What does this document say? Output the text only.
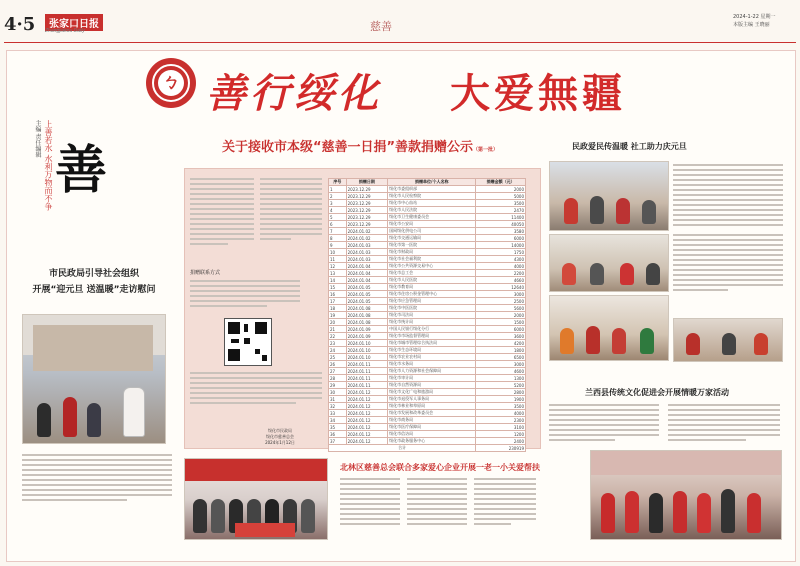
4·5	张家口日报
Zhangjiakou Daily	慈善
2024-1-22 星期一
本版主编 王晓丽
ㄅ 善行绥化 大爱無疆
上善若水 水利万物而不争
主编 责任编辑
善
市民政局引导社会组织
开展“迎元旦 送温暖”走访慰问
关于接收市本级“慈善一日捐”善款捐赠公示（第一批）
捐赠联系方式
绥化市民政局
绥化市慈善总会
2024年1月12日
序号	捐赠日期	捐赠单位/个人名称	捐赠金额（元）
1	2023.12.29	绥化市委组织部	2000
2	2023.12.29	绥化市人民检察院	5000
3	2023.12.29	绥化市中心血站	3500
4	2023.12.29	绥化市人民法院	2470
5	2023.12.29	绥化市卫生健康委员会	11400
6	2023.12.29	绥化市公安局	40050
7	2024.01.02	国网绥化供电公司	3580
8	2024.01.02	绥化市交通运输局	6000
9	2024.01.03	绥化市第一医院	14000
10	2024.01.03	绥化市财政局	1750
11	2024.01.03	绥化市社会福利院	4300
12	2024.01.04	绥化市公共资源交易中心	4000
13	2024.01.04	绥化市总工会	2200
14	2024.01.04	绥化市人民医院	4660
15	2024.01.05	绥化市教育局	12640
16	2024.01.05	绥化市住房公积金管理中心	3000
17	2024.01.05	绥化市应急管理局	2500
18	2024.01.08	绥化市中医医院	5600
19	2024.01.08	绥化市司法局	2000
20	2024.01.08	绥化市统计局	1500
21	2024.01.09	中国人民银行绥化分行	6000
22	2024.01.09	绥化市市场监督管理局	3600
23	2024.01.10	绥化市城市管理综合执法局	4200
24	2024.01.10	绥化市生态环境局	1800
25	2024.01.10	绥化市农业农村局	6500
26	2024.01.11	绥化市水务局	3000
27	2024.01.11	绥化市人力资源和社会保障局	4600
28	2024.01.11	绥化市审计局	1300
29	2024.01.11	绥化市自然资源局	5200
30	2024.01.12	绥化市文化广电和旅游局	2800
31	2024.01.12	绥化市退役军人事务局	1900
32	2024.01.12	绥化市林业和草原局	3500
33	2024.01.12	绥化市发展和改革委员会	4000
34	2024.01.12	绥化市商务局	2300
35	2024.01.12	绥化市医疗保障局	3100
36	2024.01.12	绥化市信访局	1200
37	2024.01.12	绥化市政务服务中心	2400
合计			230919
北林区慈善总会联合多家爱心企业开展一老一小关爱帮扶
民政爱民传温暖 社工助力庆元旦
兰西县传统文化促进会开展情暖万家活动
